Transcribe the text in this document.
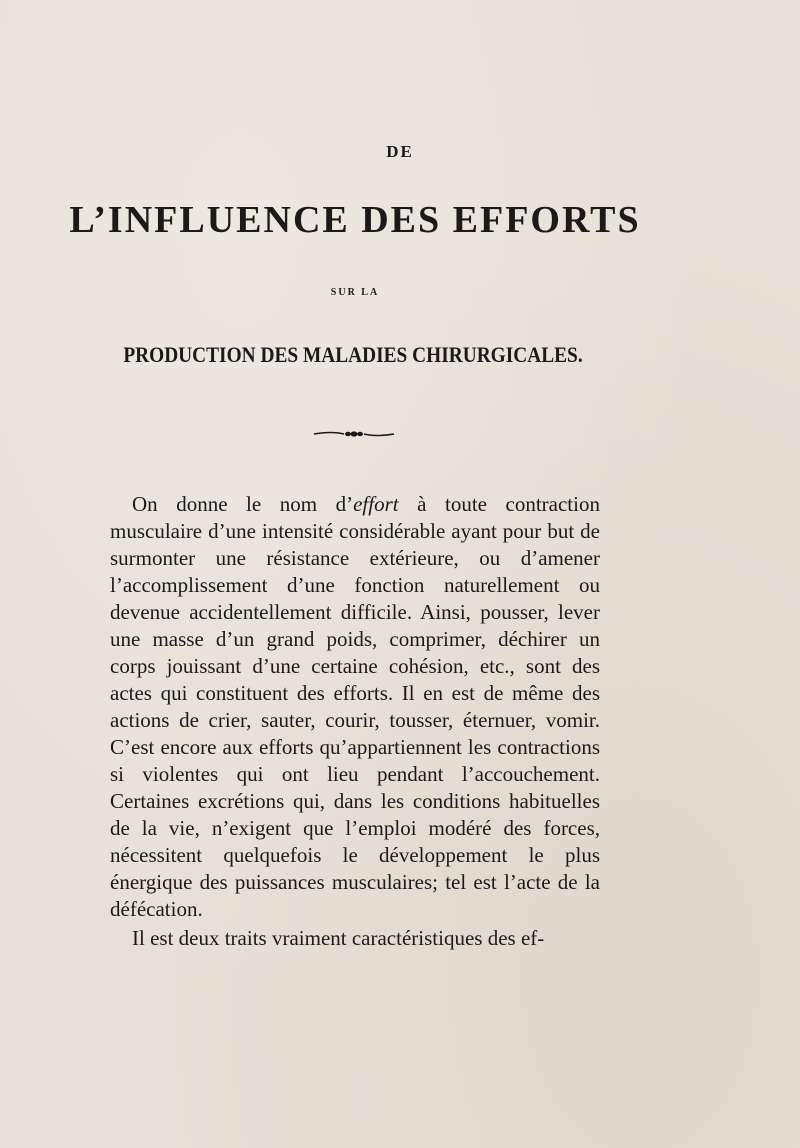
DE
L’INFLUENCE DES EFFORTS
SUR LA
PRODUCTION DES MALADIES CHIRURGICALES.

On donne le nom d’effort à toute contraction musculaire d’une intensité considérable ayant pour but de surmonter une résistance extérieure, ou d’amener l’accomplissement d’une fonction naturellement ou devenue accidentellement difficile. Ainsi, pousser, lever une masse d’un grand poids, comprimer, déchirer un corps jouissant d’une certaine cohésion, etc., sont des actes qui constituent des efforts. Il en est de même des actions de crier, sauter, courir, tousser, éternuer, vomir. C’est encore aux efforts qu’appartiennent les contractions si violentes qui ont lieu pendant l’accouchement. Certaines excrétions qui, dans les conditions habituelles de la vie, n’exigent que l’emploi modéré des forces, nécessitent quelquefois le développement le plus énergique des puissances musculaires; tel est l’acte de la défécation.

Il est deux traits vraiment caractéristiques des ef-
